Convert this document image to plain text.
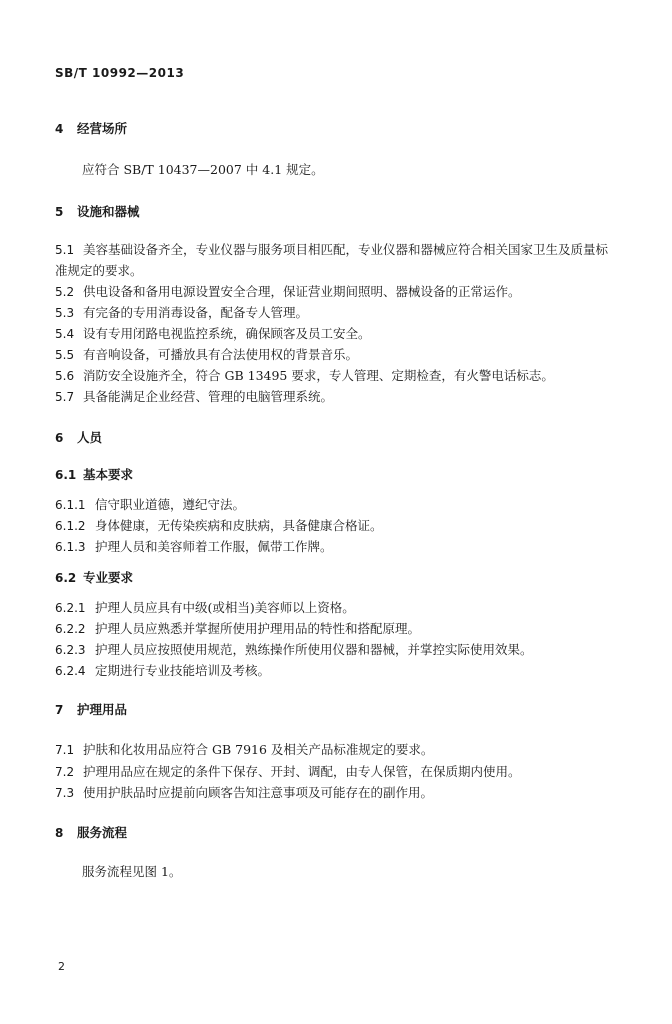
SB/T 10992—2013
4 经营场所
应符合 SB/T 10437—2007 中 4.1 规定。
5 设施和器械
5.1 美容基础设备齐全，专业仪器与服务项目相匹配，专业仪器和器械应符合相关国家卫生及质量标
准规定的要求。
5.2 供电设备和备用电源设置安全合理，保证营业期间照明、器械设备的正常运作。
5.3 有完备的专用消毒设备，配备专人管理。
5.4 设有专用闭路电视监控系统，确保顾客及员工安全。
5.5 有音响设备，可播放具有合法使用权的背景音乐。
5.6 消防安全设施齐全，符合 GB 13495 要求，专人管理、定期检查，有火警电话标志。
5.7 具备能满足企业经营、管理的电脑管理系统。
6 人员
6.1 基本要求
6.1.1 信守职业道德，遵纪守法。
6.1.2 身体健康，无传染疾病和皮肤病，具备健康合格证。
6.1.3 护理人员和美容师着工作服，佩带工作牌。
6.2 专业要求
6.2.1 护理人员应具有中级(或相当)美容师以上资格。
6.2.2 护理人员应熟悉并掌握所使用护理用品的特性和搭配原理。
6.2.3 护理人员应按照使用规范，熟练操作所使用仪器和器械，并掌控实际使用效果。
6.2.4 定期进行专业技能培训及考核。
7 护理用品
7.1 护肤和化妆用品应符合 GB 7916 及相关产品标准规定的要求。
7.2 护理用品应在规定的条件下保存、开封、调配，由专人保管，在保质期内使用。
7.3 使用护肤品时应提前向顾客告知注意事项及可能存在的副作用。
8 服务流程
服务流程见图 1。
2
